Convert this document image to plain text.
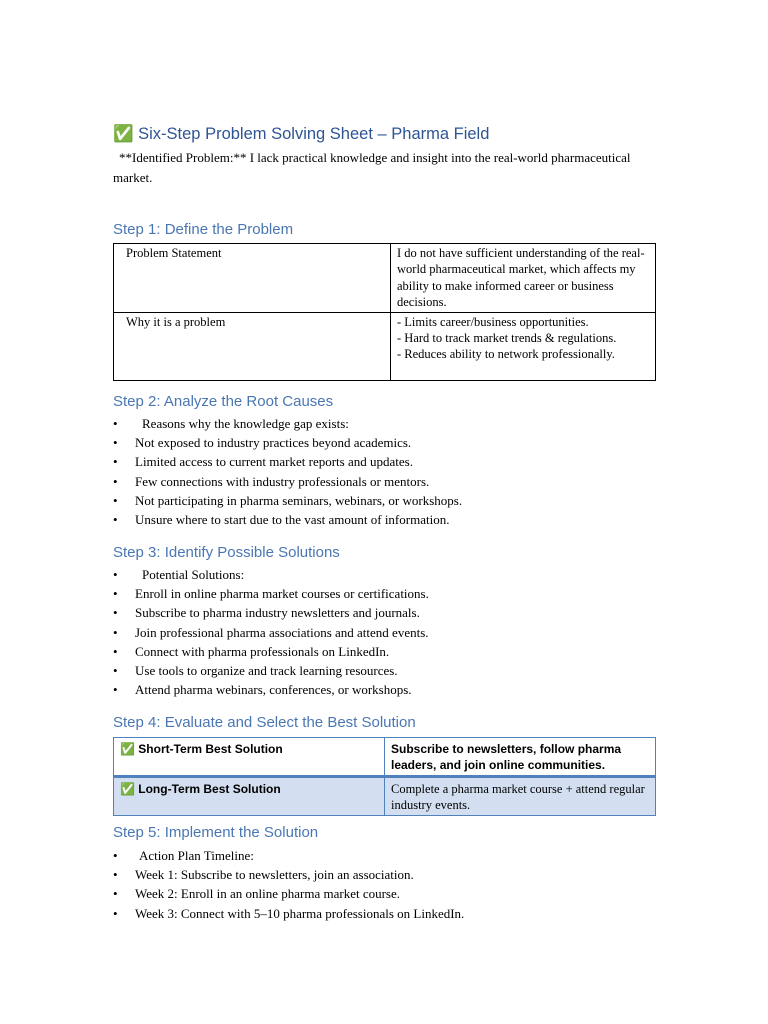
✅ Six-Step Problem Solving Sheet – Pharma Field
**Identified Problem:** I lack practical knowledge and insight into the real-world pharmaceutical market.
Step 1: Define the Problem
Problem Statement	I do not have sufficient understanding of the real-world pharmaceutical market, which affects my ability to make informed career or business decisions.
Why it is a problem	- Limits career/business opportunities.
- Hard to track market trends & regulations.
- Reduces ability to network professionally.
Step 2: Analyze the Root Causes
• Reasons why the knowledge gap exists:
• Not exposed to industry practices beyond academics.
• Limited access to current market reports and updates.
• Few connections with industry professionals or mentors.
• Not participating in pharma seminars, webinars, or workshops.
• Unsure where to start due to the vast amount of information.
Step 3: Identify Possible Solutions
• Potential Solutions:
• Enroll in online pharma market courses or certifications.
• Subscribe to pharma industry newsletters and journals.
• Join professional pharma associations and attend events.
• Connect with pharma professionals on LinkedIn.
• Use tools to organize and track learning resources.
• Attend pharma webinars, conferences, or workshops.
Step 4: Evaluate and Select the Best Solution
✅ Short-Term Best Solution	Subscribe to newsletters, follow pharma leaders, and join online communities.
✅ Long-Term Best Solution	Complete a pharma market course + attend regular industry events.
Step 5: Implement the Solution
• Action Plan Timeline:
• Week 1: Subscribe to newsletters, join an association.
• Week 2: Enroll in an online pharma market course.
• Week 3: Connect with 5–10 pharma professionals on LinkedIn.
